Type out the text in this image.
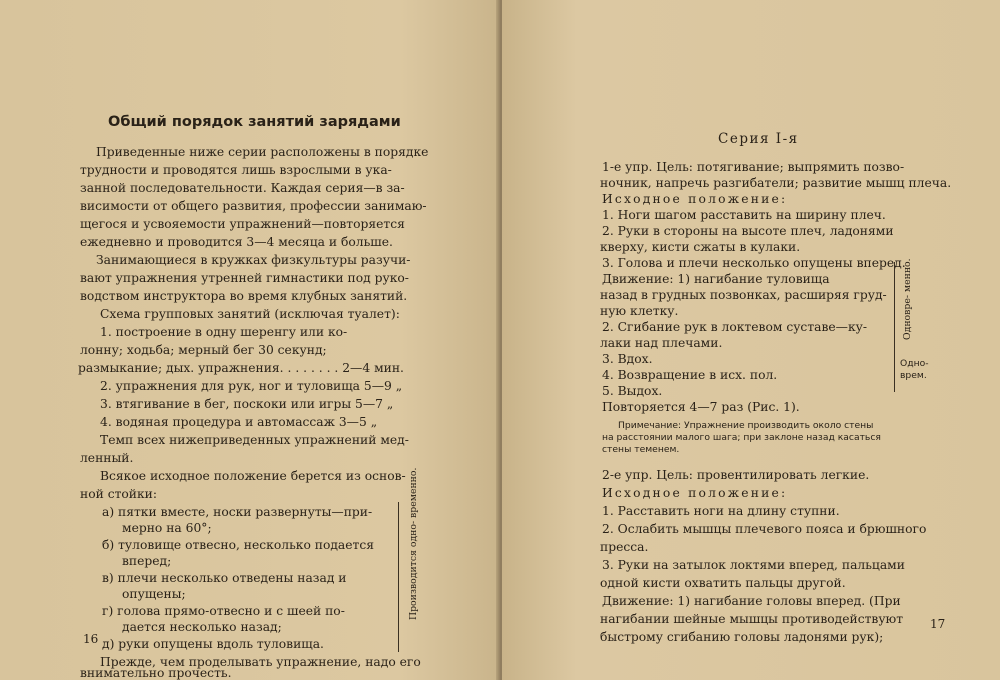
Общий порядок занятий зарядами
Приведенные ниже серии расположены в порядке
трудности и проводятся лишь взрослыми в ука-
занной последовательности. Каждая серия—в за-
висимости от общего развития, профессии занимаю-
щегося и усвояемости упражнений—повторяется
ежедневно и проводится 3—4 месяца и больше.
Занимающиеся в кружках физкультуры разучи-
вают упражнения утренней гимнастики под руко-
водством инструктора во время клубных занятий.
Схема групповых занятий (исключая туалет):
1. построение в одну шеренгу или ко-
лонну; ходьба; мерный бег 30 секунд;
размыкание; дых. упражнения. . . . . . . . 2—4 мин.
2. упражнения для рук, ног и туловища 5—9 „
3. втягивание в бег, поскоки или игры 5—7 „
4. водяная процедура и автомассаж 3—5 „
Темп всех нижеприведенных упражнений мед-
ленный.
Всякое исходное положение берется из основ-
ной стойки:
а) пятки вместе, носки развернуты—при-
мерно на 60°;
б) туловище отвесно, несколько подается
вперед;
в) плечи несколько отведены назад и
опущены;
г) голова прямо-отвесно и с шеей по-
дается несколько назад;
д) руки опущены вдоль туловища.
Производится одно- временно.
Прежде, чем проделывать упражнение, надо его
внимательно прочесть.
16
Серия I-я
1-е упр. Цель: потягивание; выпрямить позво-
ночник, напречь разгибатели; развитие мышц плеча.
Исходное положение:
1. Ноги шагом расставить на ширину плеч.
2. Руки в стороны на высоте плеч, ладонями
кверху, кисти сжаты в кулаки.
3. Голова и плечи несколько опущены вперед.
Движение: 1) нагибание туловища
назад в грудных позвонках, расширяя груд-
ную клетку.
2. Сгибание рук в локтевом суставе—ку-
лаки над плечами.
3. Вдох.
4. Возвращение в исх. пол.
5. Выдох.
Повторяется 4—7 раз (Рис. 1).
Одновре- менно.
Одно- врем.
Примечание: Упражнение производить около стены
на расстоянии малого шага; при заклоне назад касаться
стены теменем.
2-е упр. Цель: провентилировать легкие.
Исходное положение:
1. Расставить ноги на длину ступни.
2. Ослабить мышцы плечевого пояса и брюшного
пресса.
3. Руки на затылок локтями вперед, пальцами
одной кисти охватить пальцы другой.
Движение: 1) нагибание головы вперед. (При
нагибании шейные мышцы противодействуют
быстрому сгибанию головы ладонями рук);
17
